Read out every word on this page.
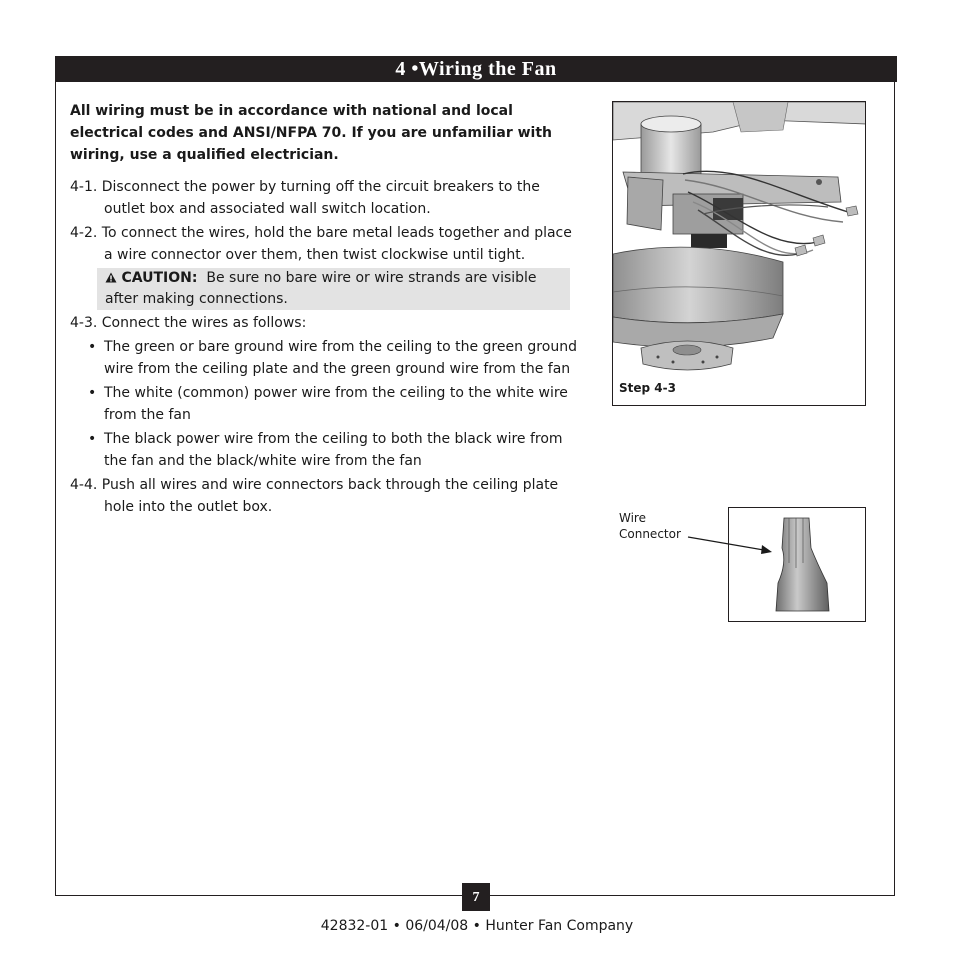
4 •Wiring the Fan

All wiring must be in accordance with national and local electrical codes and ANSI/NFPA 70. If you are unfamiliar with wiring, use a qualified electrician.

4-1. Disconnect the power by turning off the circuit breakers to the outlet box and associated wall switch location.

4-2. To connect the wires, hold the bare metal leads together and place a wire connector over them, then twist clockwise until tight.

CAUTION: Be sure no bare wire or wire strands are visible after making connections.

4-3. Connect the wires as follows:

• The green or bare ground wire from the ceiling to the green ground wire from the ceiling plate and the green ground wire from the fan
• The white (common) power wire from the ceiling to the white wire from the fan
• The black power wire from the ceiling to both the black wire from the fan and the black/white wire from the fan

4-4. Push all wires and wire connectors back through the ceiling plate hole into the outlet box.

Step 4-3
Wire
Connector
7
42832-01 • 06/04/08 • Hunter Fan Company
